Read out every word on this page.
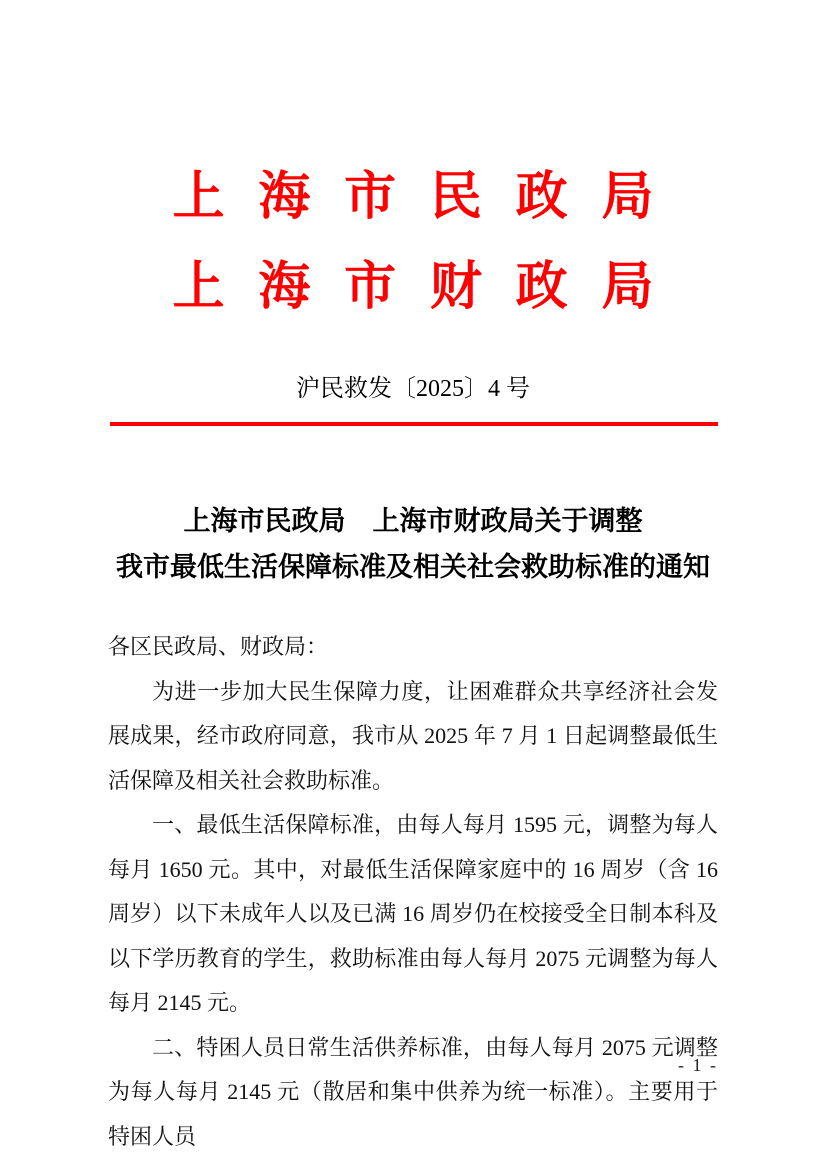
上海市民政局
上海市财政局
沪民救发〔2025〕4 号
上海市民政局　上海市财政局关于调整
我市最低生活保障标准及相关社会救助标准的通知

各区民政局、财政局：

为进一步加大民生保障力度，让困难群众共享经济社会发展成果，经市政府同意，我市从 2025 年 7 月 1 日起调整最低生活保障及相关社会救助标准。

一、最低生活保障标准，由每人每月 1595 元，调整为每人每月 1650 元。其中，对最低生活保障家庭中的 16 周岁（含 16 周岁）以下未成年人以及已满 16 周岁仍在校接受全日制本科及以下学历教育的学生，救助标准由每人每月 2075 元调整为每人每月 2145 元。

二、特困人员日常生活供养标准，由每人每月 2075 元调整为每人每月 2145 元（散居和集中供养为统一标准）。主要用于特困人员

- 1 -
